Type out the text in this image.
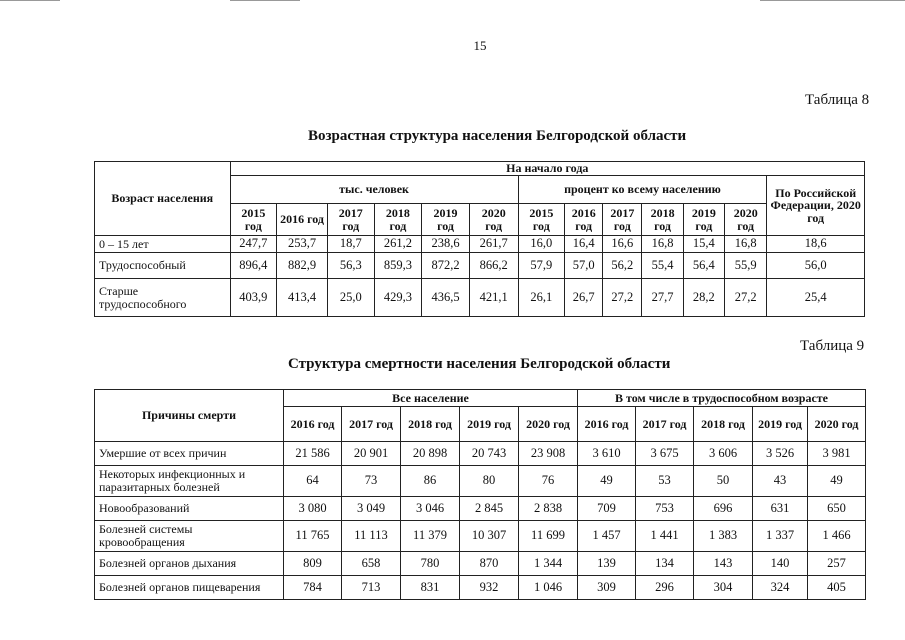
15
Таблица 8
Возрастная структура населения Белгородской области
Возраст населения	На начало года												
	тыс. человек						процент ко всему населению						По Российской Федерации, 2020 год
	2015 год	2016 год	2017 год	2018 год	2019 год	2020 год	2015 год	2016 год	2017 год	2018 год	2019 год	2020 год	
0 – 15 лет	247,7	253,7	18,7	261,2	238,6	261,7	16,0	16,4	16,6	16,8	15,4	16,8	18,6
Трудоспособный	896,4	882,9	56,3	859,3	872,2	866,2	57,9	57,0	56,2	55,4	56,4	55,9	56,0
Старше трудоспособного	403,9	413,4	25,0	429,3	436,5	421,1	26,1	26,7	27,2	27,7	28,2	27,2	25,4
Таблица 9
Структура смертности населения Белгородской области
Причины смерти	Все население					В том числе в трудоспособном возрасте				
	2016 год	2017 год	2018 год	2019 год	2020 год	2016 год	2017 год	2018 год	2019 год	2020 год
Умершие от всех причин	21 586	20 901	20 898	20 743	23 908	3 610	3 675	3 606	3 526	3 981
Некоторых инфекционных и паразитарных болезней	64	73	86	80	76	49	53	50	43	49
Новообразований	3 080	3 049	3 046	2 845	2 838	709	753	696	631	650
Болезней системы кровообращения	11 765	11 113	11 379	10 307	11 699	1 457	1 441	1 383	1 337	1 466
Болезней органов дыхания	809	658	780	870	1 344	139	134	143	140	257
Болезней органов пищеварения	784	713	831	932	1 046	309	296	304	324	405
